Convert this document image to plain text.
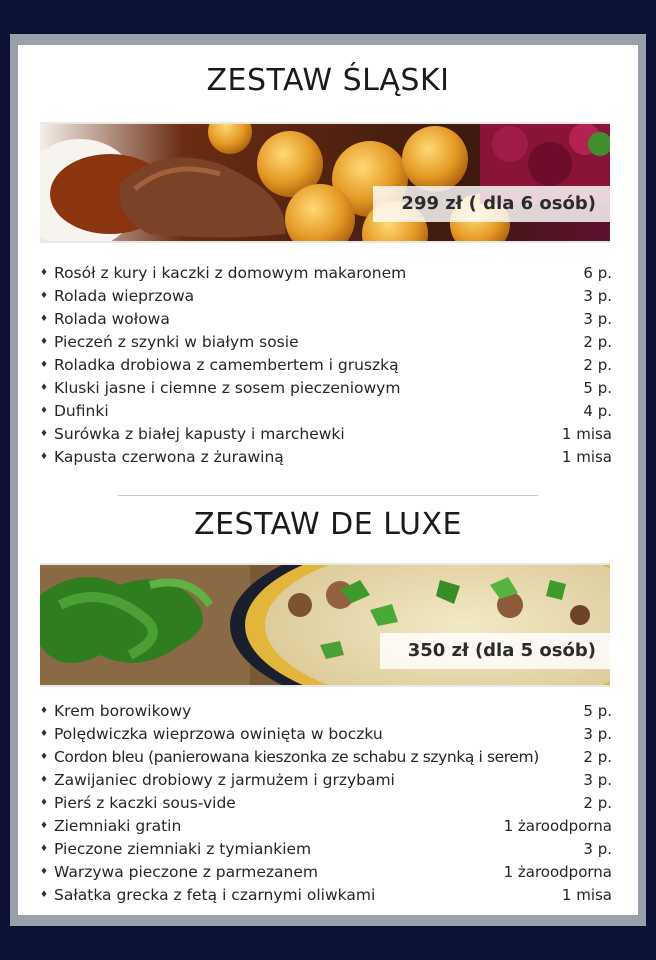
ZESTAW ŚLĄSKI
299 zł ( dla 6 osób)
♦ Rosół z kury i kaczki z domowym makaronem	6 p.
♦ Rolada wieprzowa	3 p.
♦ Rolada wołowa	3 p.
♦ Pieczeń z szynki w białym sosie	2 p.
♦ Roladka drobiowa z camembertem i gruszką	2 p.
♦ Kluski jasne i ciemne z sosem pieczeniowym	5 p.
♦ Dufinki	4 p.
♦ Surówka z białej kapusty i marchewki	1 misa
♦ Kapusta czerwona z żurawiną	1 misa
ZESTAW DE LUXE
350 zł (dla 5 osób)
♦ Krem borowikowy	5 p.
♦ Polędwiczka wieprzowa owinięta w boczku	3 p.
♦ Cordon bleu (panierowana kieszonka ze schabu z szynką i serem)	2 p.
♦ Zawijaniec drobiowy z jarmużem i grzybami	3 p.
♦ Pierś z kaczki sous-vide	2 p.
♦ Ziemniaki gratin	1 żaroodporna
♦ Pieczone ziemniaki z tymiankiem	3 p.
♦ Warzywa pieczone z parmezanem	1 żaroodporna
♦ Sałatka grecka z fetą i czarnymi oliwkami	1 misa
